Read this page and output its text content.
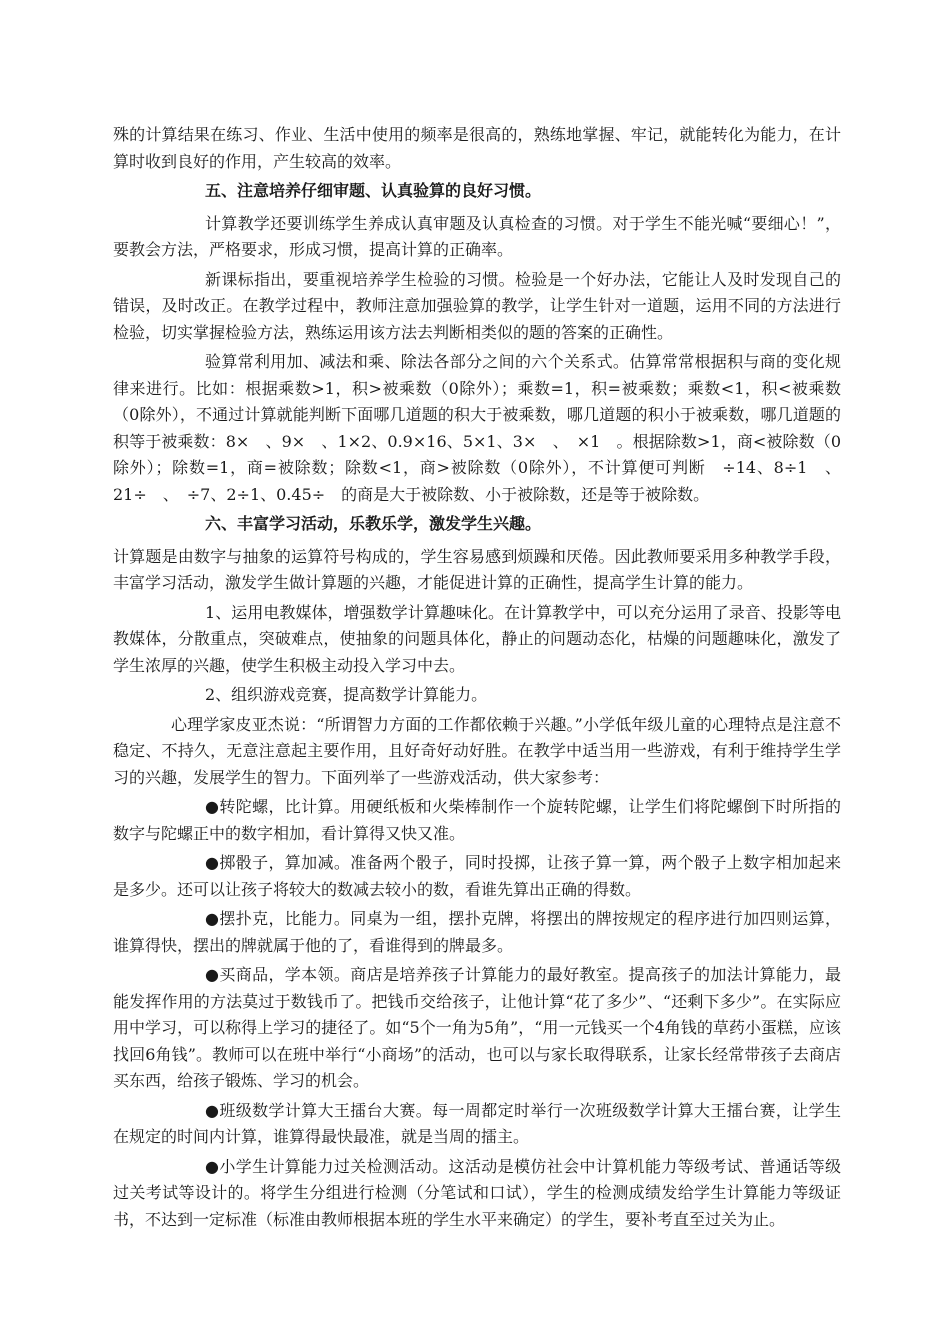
殊的计算结果在练习、作业、生活中使用的频率是很高的，熟练地掌握、牢记，就能转化为能力，在计算时收到良好的作用，产生较高的效率。

五、注意培养仔细审题、认真验算的良好习惯。

计算教学还要训练学生养成认真审题及认真检查的习惯。对于学生不能光喊“要细心！”，要教会方法，严格要求，形成习惯，提高计算的正确率。

新课标指出，要重视培养学生检验的习惯。检验是一个好办法，它能让人及时发现自己的错误，及时改正。在教学过程中，教师注意加强验算的教学，让学生针对一道题，运用不同的方法进行检验，切实掌握检验方法，熟练运用该方法去判断相类似的题的答案的正确性。

验算常利用加、减法和乘、除法各部分之间的六个关系式。估算常常根据积与商的变化规律来进行。比如：根据乘数>1，积>被乘数（0除外）；乘数=1，积=被乘数；乘数<1，积<被乘数（0除外），不通过计算就能判断下面哪几道题的积大于被乘数，哪几道题的积小于被乘数，哪几道题的积等于被乘数：8×　、9×　、1×2、0.9×16、5×1、3×　、　×1　。根据除数>1，商<被除数（0除外）；除数=1，商=被除数；除数<1，商>被除数（0除外），不计算便可判断　÷14、8÷1　、21÷　、　÷7、2÷1、0.45÷　的商是大于被除数、小于被除数，还是等于被除数。

六、丰富学习活动，乐教乐学，激发学生兴趣。

计算题是由数字与抽象的运算符号构成的，学生容易感到烦躁和厌倦。因此教师要采用多种教学手段，丰富学习活动，激发学生做计算题的兴趣，才能促进计算的正确性，提高学生计算的能力。

1、运用电教媒体，增强数学计算趣味化。在计算教学中，可以充分运用了录音、投影等电教媒体，分散重点，突破难点，使抽象的问题具体化，静止的问题动态化，枯燥的问题趣味化，激发了学生浓厚的兴趣，使学生积极主动投入学习中去。

2、组织游戏竞赛，提高数学计算能力。

心理学家皮亚杰说：“所谓智力方面的工作都依赖于兴趣。”小学低年级儿童的心理特点是注意不稳定、不持久，无意注意起主要作用，且好奇好动好胜。在教学中适当用一些游戏，有利于维持学生学习的兴趣，发展学生的智力。下面列举了一些游戏活动，供大家参考：

●转陀螺，比计算。用硬纸板和火柴棒制作一个旋转陀螺，让学生们将陀螺倒下时所指的数字与陀螺正中的数字相加，看计算得又快又准。

●掷骰子，算加减。准备两个骰子，同时投掷，让孩子算一算，两个骰子上数字相加起来是多少。还可以让孩子将较大的数减去较小的数，看谁先算出正确的得数。

●摆扑克，比能力。同桌为一组，摆扑克牌，将摆出的牌按规定的程序进行加四则运算，谁算得快，摆出的牌就属于他的了，看谁得到的牌最多。

●买商品，学本领。商店是培养孩子计算能力的最好教室。提高孩子的加法计算能力，最能发挥作用的方法莫过于数钱币了。把钱币交给孩子，让他计算“花了多少”、“还剩下多少”。在实际应用中学习，可以称得上学习的捷径了。如“5个一角为5角”，“用一元钱买一个4角钱的草药小蛋糕，应该找回6角钱”。教师可以在班中举行“小商场”的活动，也可以与家长取得联系，让家长经常带孩子去商店买东西，给孩子锻炼、学习的机会。

●班级数学计算大王擂台大赛。每一周都定时举行一次班级数学计算大王擂台赛，让学生在规定的时间内计算，谁算得最快最准，就是当周的擂主。

●小学生计算能力过关检测活动。这活动是模仿社会中计算机能力等级考试、普通话等级过关考试等设计的。将学生分组进行检测（分笔试和口试），学生的检测成绩发给学生计算能力等级证书，不达到一定标准（标准由教师根据本班的学生水平来确定）的学生，要补考直至过关为止。
